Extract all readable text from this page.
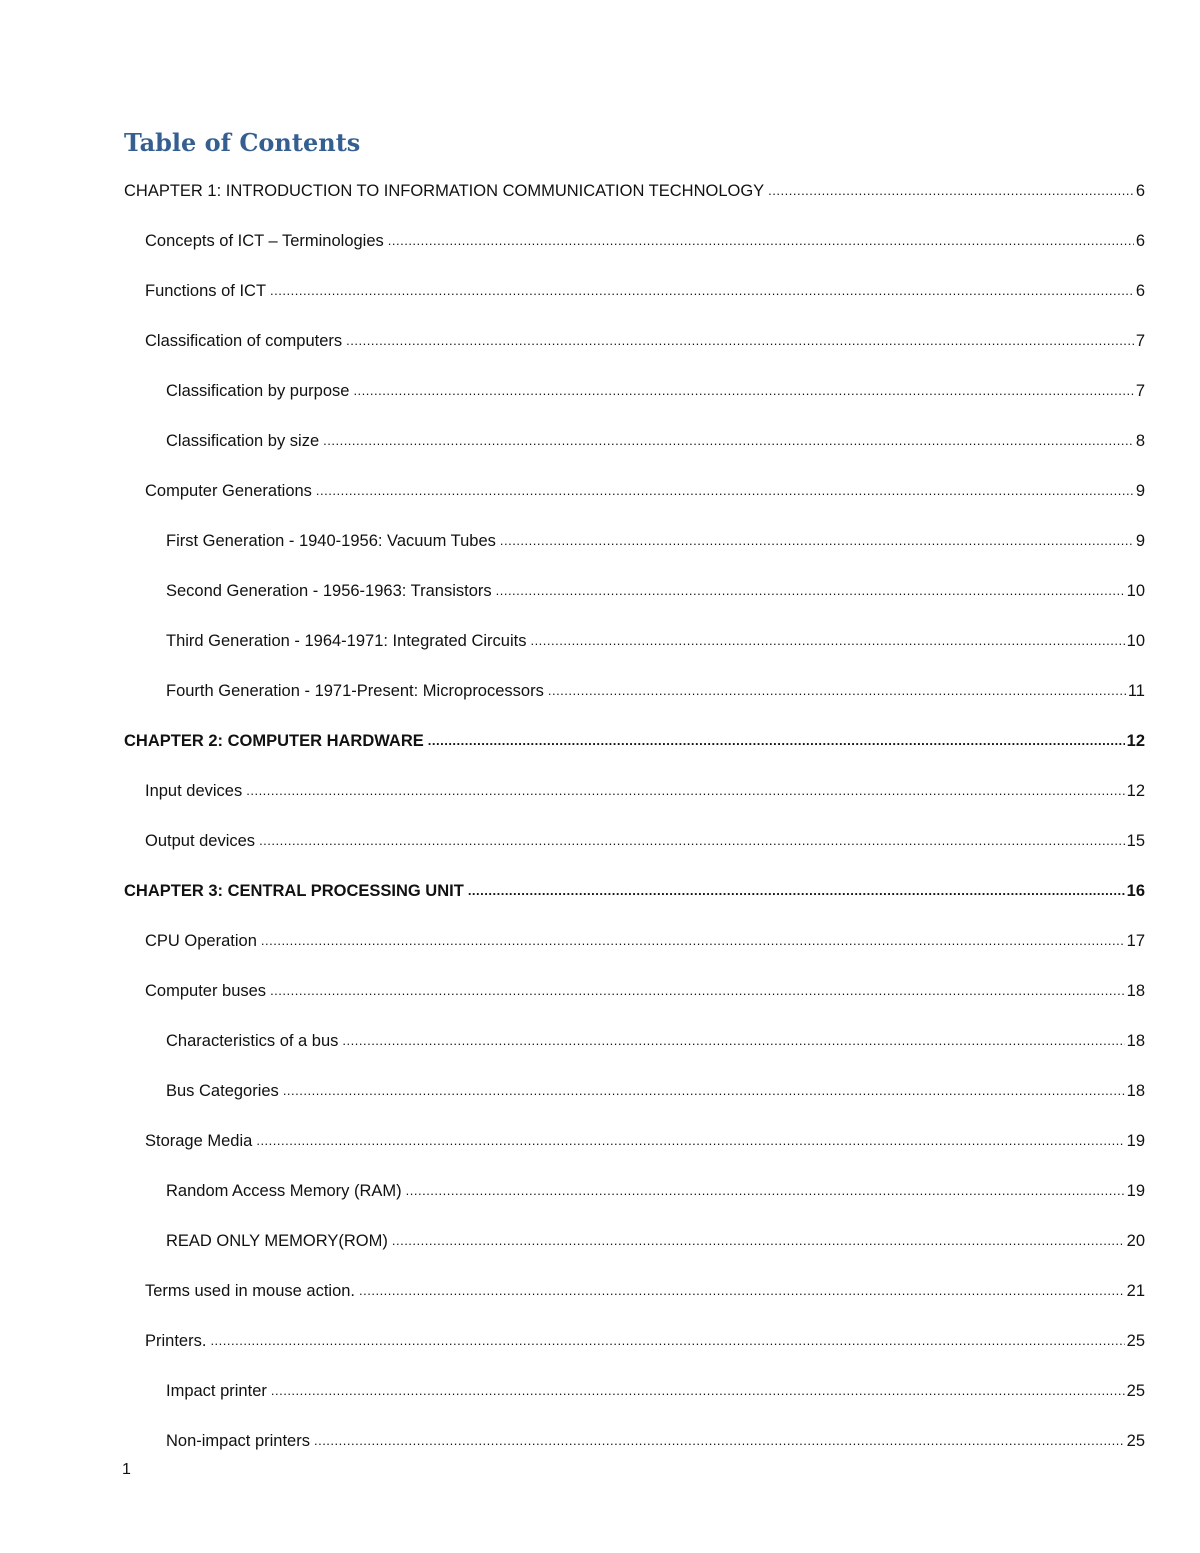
Table of Contents
CHAPTER 1: INTRODUCTION TO INFORMATION COMMUNICATION TECHNOLOGY .....	6
Concepts of ICT – Terminologies .....	6
Functions of ICT .....	6
Classification of computers .....	7
Classification by purpose .....	7
Classification by size .....	8
Computer Generations .....	9
First Generation - 1940-1956: Vacuum Tubes .....	9
Second Generation - 1956-1963: Transistors .....	10
Third Generation - 1964-1971: Integrated Circuits .....	10
Fourth Generation - 1971-Present: Microprocessors .....	11
CHAPTER 2: COMPUTER HARDWARE .....	12
Input devices .....	12
Output devices .....	15
CHAPTER 3: CENTRAL PROCESSING UNIT .....	16
CPU Operation .....	17
Computer buses .....	18
Characteristics of a bus .....	18
Bus Categories .....	18
Storage Media .....	19
Random Access Memory (RAM) .....	19
READ ONLY MEMORY(ROM) .....	20
Terms used in mouse action. .....	21
Printers. .....	25
Impact printer .....	25
Non-impact printers .....	25
1
